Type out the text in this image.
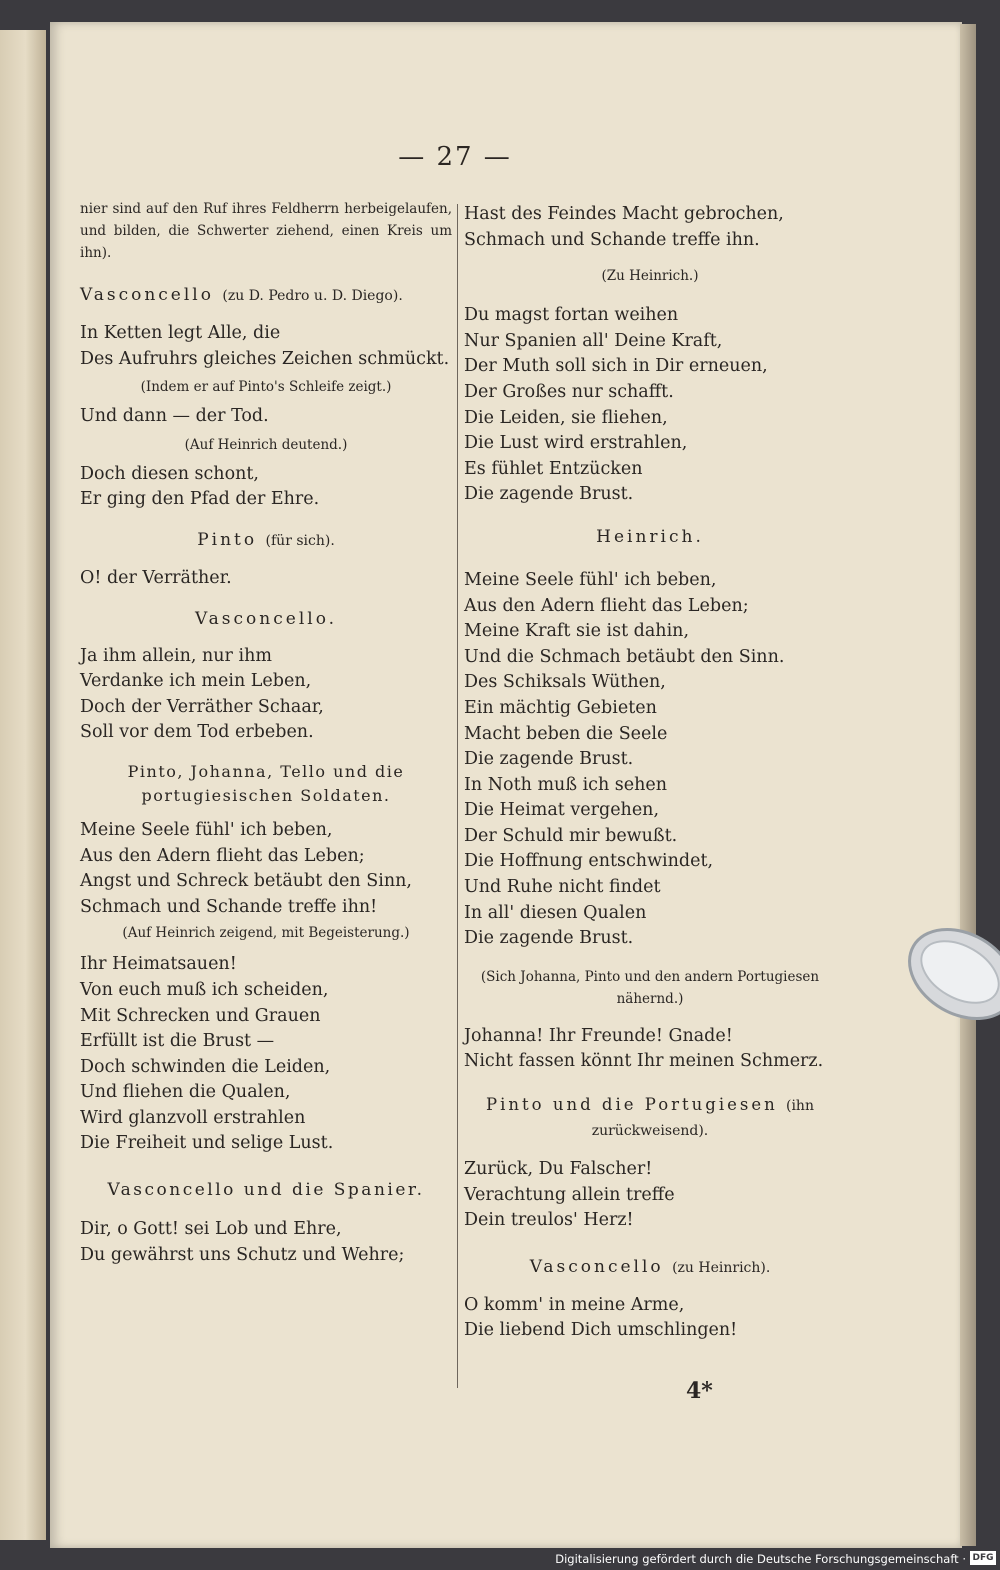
— 27 —

nier sind auf den Ruf ihres Feldherrn herbeigelaufen, und bilden, die Schwerter ziehend, einen Kreis um ihn).

Vasconcello (zu D. Pedro u. D. Diego).

In Ketten legt Alle, die

Des Aufruhrs gleiches Zeichen schmückt.

(Indem er auf Pinto's Schleife zeigt.)

Und dann — der Tod.

(Auf Heinrich deutend.)

Doch diesen schont,

Er ging den Pfad der Ehre.

Pinto (für sich).

O! der Verräther.

Vasconcello.

Ja ihm allein, nur ihm

Verdanke ich mein Leben,

Doch der Verräther Schaar,

Soll vor dem Tod erbeben.

Pinto, Johanna, Tello und die portugiesischen Soldaten.

Meine Seele fühl' ich beben,

Aus den Adern flieht das Leben;

Angst und Schreck betäubt den Sinn,

Schmach und Schande treffe ihn!

(Auf Heinrich zeigend, mit Begeisterung.)

Ihr Heimatsauen!

Von euch muß ich scheiden,

Mit Schrecken und Grauen

Erfüllt ist die Brust —

Doch schwinden die Leiden,

Und fliehen die Qualen,

Wird glanzvoll erstrahlen

Die Freiheit und selige Lust.

Vasconcello und die Spanier.

Dir, o Gott! sei Lob und Ehre,

Du gewährst uns Schutz und Wehre;

Hast des Feindes Macht gebrochen,

Schmach und Schande treffe ihn.

(Zu Heinrich.)

Du magst fortan weihen

Nur Spanien all' Deine Kraft,

Der Muth soll sich in Dir erneuen,

Der Großes nur schafft.

Die Leiden, sie fliehen,

Die Lust wird erstrahlen,

Es fühlet Entzücken

Die zagende Brust.

Heinrich.

Meine Seele fühl' ich beben,

Aus den Adern flieht das Leben;

Meine Kraft sie ist dahin,

Und die Schmach betäubt den Sinn.

Des Schiksals Wüthen,

Ein mächtig Gebieten

Macht beben die Seele

Die zagende Brust.

In Noth muß ich sehen

Die Heimat vergehen,

Der Schuld mir bewußt.

Die Hoffnung entschwindet,

Und Ruhe nicht findet

In all' diesen Qualen

Die zagende Brust.

(Sich Johanna, Pinto und den andern Portugiesen nähernd.)

Johanna! Ihr Freunde! Gnade!

Nicht fassen könnt Ihr meinen Schmerz.

Pinto und die Portugiesen (ihn zurückweisend).

Zurück, Du Falscher!

Verachtung allein treffe

Dein treulos' Herz!

Vasconcello (zu Heinrich).

O komm' in meine Arme,

Die liebend Dich umschlingen!

4*
Digitalisierung gefördert durch die Deutsche Forschungsgemeinschaft · DFG
